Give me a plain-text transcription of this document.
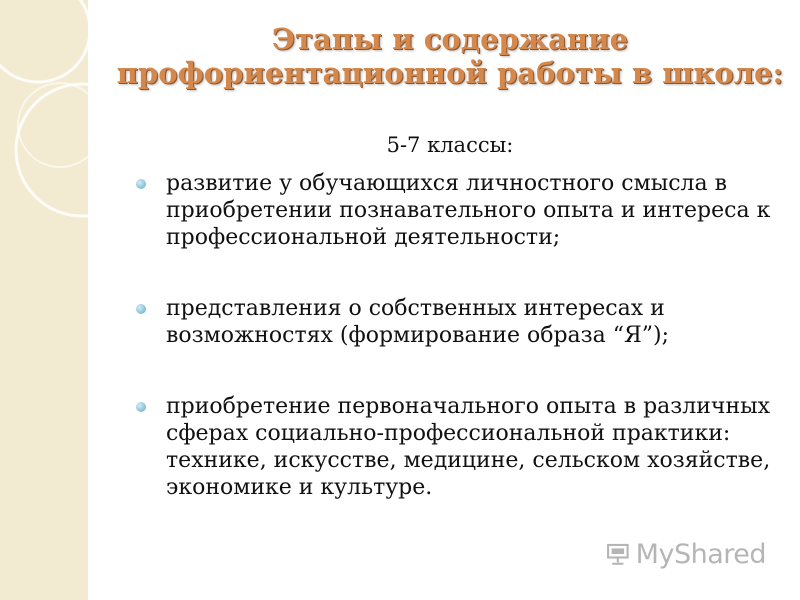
Этапы и содержание профориентационной работы в школе:

5-7 классы:

развитие у обучающихся личностного смысла в приобретении познавательного опыта и интереса к профессиональной деятельности;
представления о собственных интересах и возможностях (формирование образа “Я”);
приобретение первоначального опыта в различных сферах социально-профессиональной практики: технике, искусстве, медицине, сельском хозяйстве, экономике и культуре.
MyShared
